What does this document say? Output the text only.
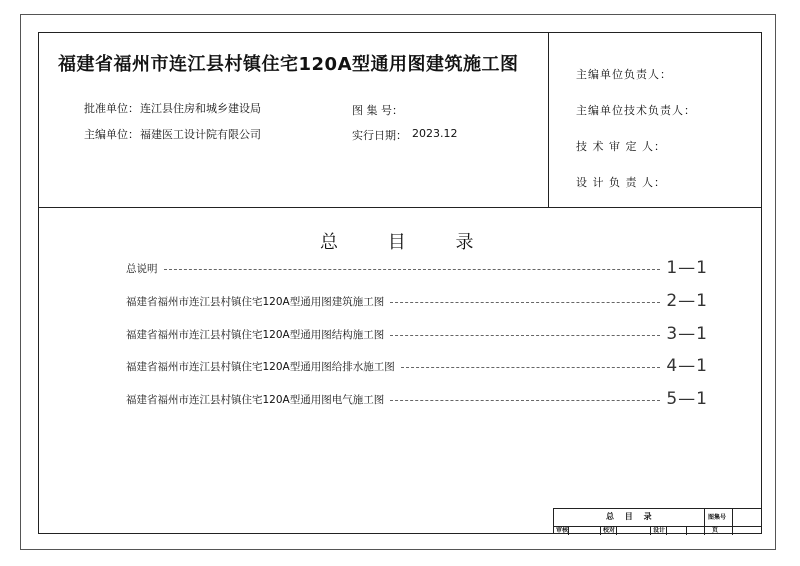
福建省福州市连江县村镇住宅120A型通用图建筑施工图
批准单位： 连江县住房和城乡建设局
主编单位： 福建医工设计院有限公司
图 集 号：
实行日期： 2023.12
主编单位负责人：
主编单位技术负责人：
技 术 审 定 人：
设 计 负 责 人：
总 目 录
总说明	1—1
福建省福州市连江县村镇住宅120A型通用图建筑施工图	2—1
福建省福州市连江县村镇住宅120A型通用图结构施工图	3—1
福建省福州市连江县村镇住宅120A型通用图给排水施工图	4—1
福建省福州市连江县村镇住宅120A型通用图电气施工图	5—1
总 目 录	图集号
审核	校对	设计	页
